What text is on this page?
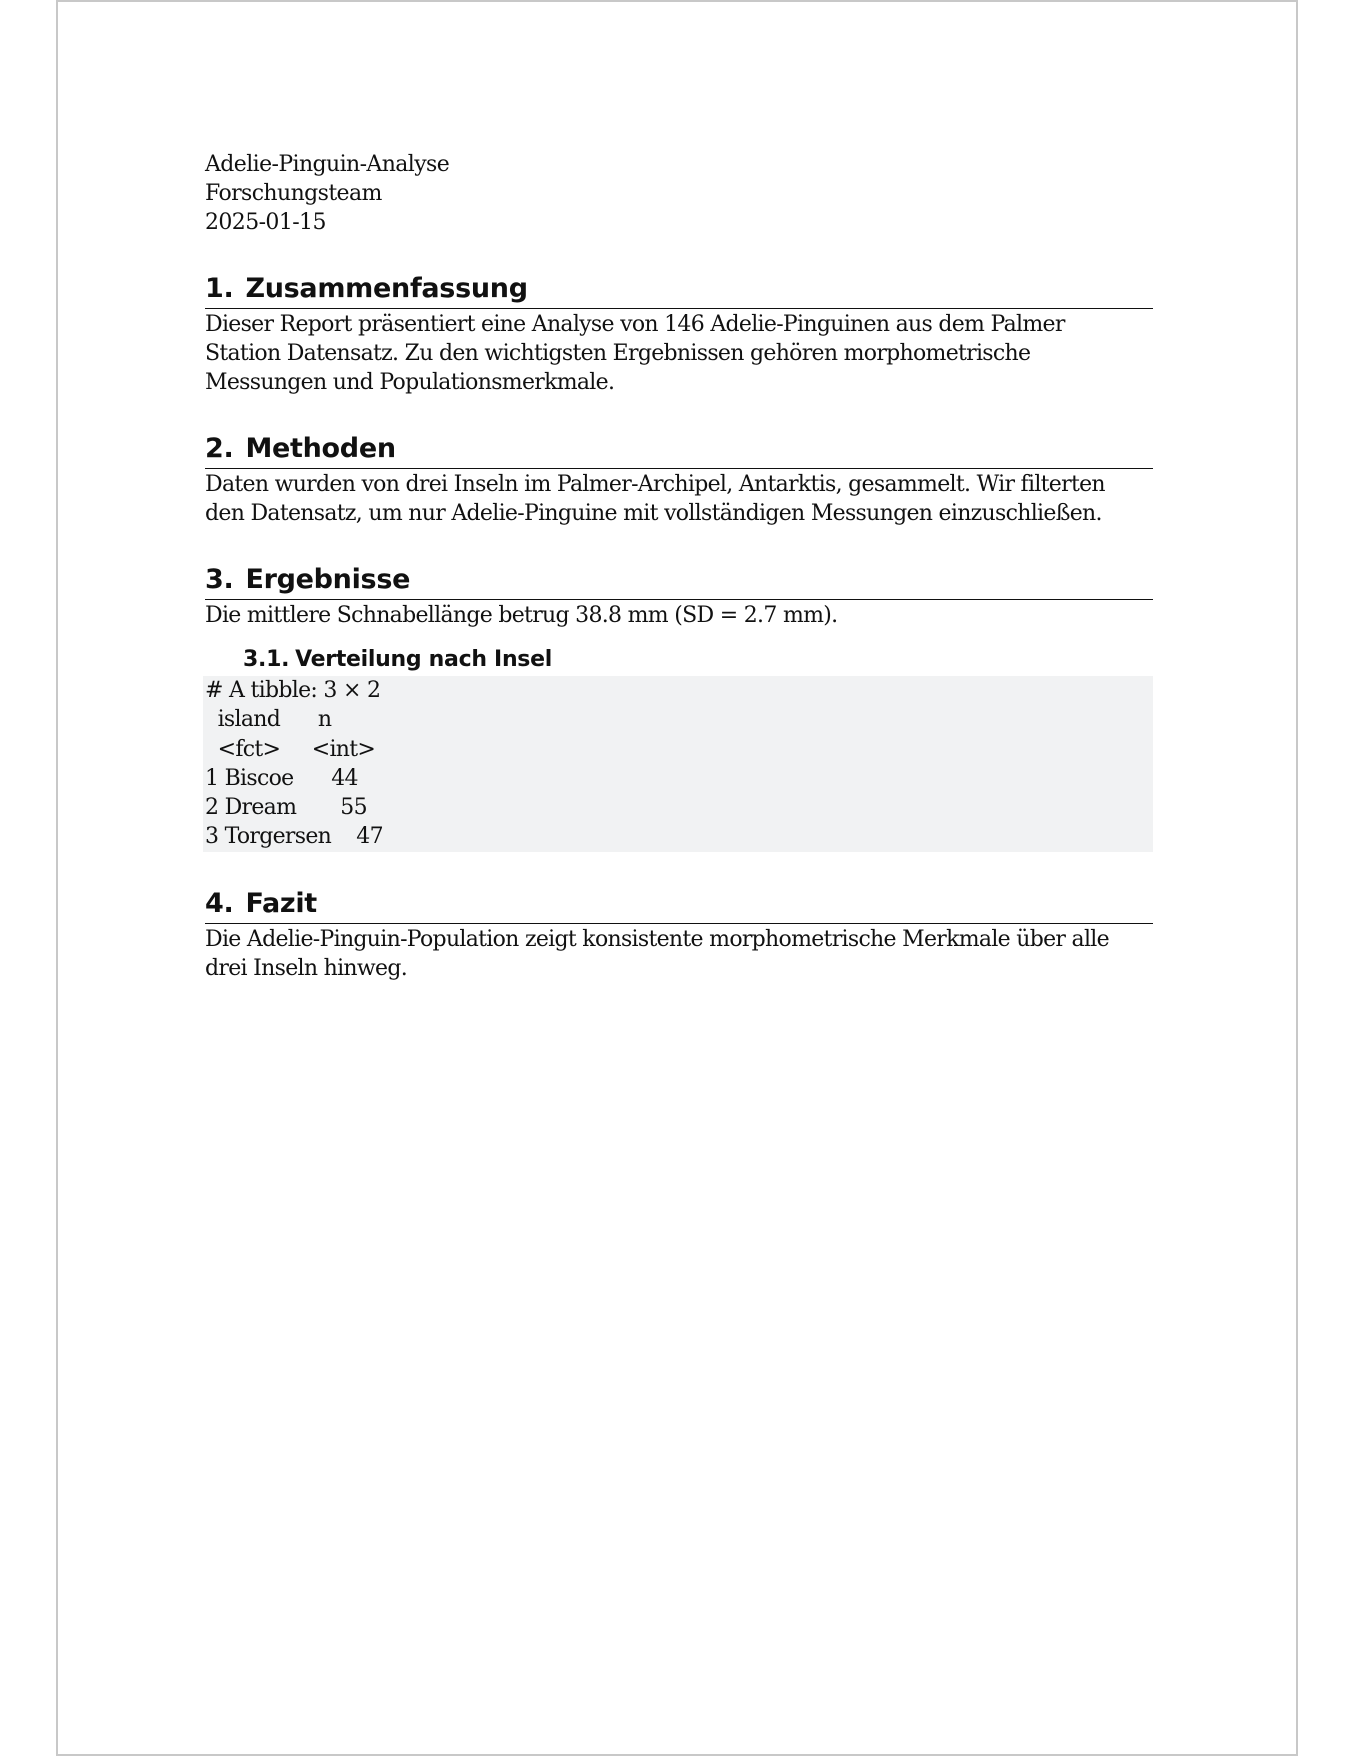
Adelie-Pinguin-Analyse
Forschungsteam
2025-01-15
1. Zusammenfassung
Dieser Report präsentiert eine Analyse von 146 Adelie-Pinguinen aus dem Palmer
Station Datensatz. Zu den wichtigsten Ergebnissen gehören morphometrische
Messungen und Populationsmerkmale.
2. Methoden
Daten wurden von drei Inseln im Palmer-Archipel, Antarktis, gesammelt. Wir filterten
den Datensatz, um nur Adelie-Pinguine mit vollständigen Messungen einzuschließen.
3. Ergebnisse
Die mittlere Schnabellänge betrug 38.8 mm (SD = 2.7 mm).
3.1. Verteilung nach Insel
# A tibble: 3 × 2
island      n
<fct>     <int>
1 Biscoe      44
2 Dream       55
3 Torgersen    47
4. Fazit
Die Adelie-Pinguin-Population zeigt konsistente morphometrische Merkmale über alle
drei Inseln hinweg.
